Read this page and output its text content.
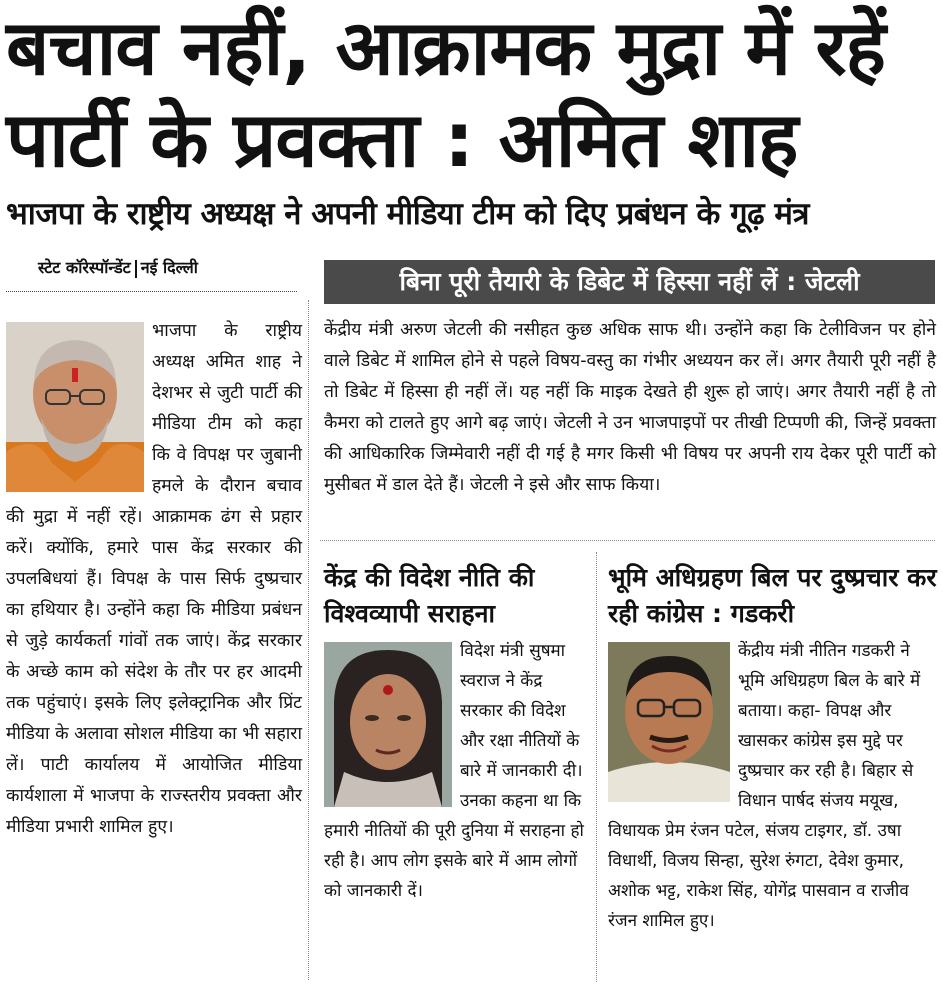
बचाव नहीं, आक्रामक मुद्रा में रहें पार्टी के प्रवक्ता : अमित शाह
भाजपा के राष्ट्रीय अध्यक्ष ने अपनी मीडिया टीम को दिए प्रबंधन के गूढ़ मंत्र
स्टेट कॉरेस्पॉन्डेंट नई दिल्ली
भाजपा के राष्ट्रीय अध्यक्ष अमित शाह ने देशभर से जुटी पार्टी की मीडिया टीम को कहा कि वे विपक्ष पर जुबानी हमले के दौरान बचाव की मुद्रा में नहीं रहें। आक्रामक ढंग से प्रहार करें। क्योंकि, हमारे पास केंद्र सरकार की उपलबिधयां हैं। विपक्ष के पास सिर्फ दुष्प्रचार का हथियार है। उन्होंने कहा कि मीडिया प्रबंधन से जुड़े कार्यकर्ता गांवों तक जाएं। केंद्र सरकार के अच्छे काम को संदेश के तौर पर हर आदमी तक पहुंचाएं। इसके लिए इलेक्ट्रानिक और प्रिंट मीडिया के अलावा सोशल मीडिया का भी सहारा लें। पाटी कार्यालय में आयोजित मीडिया कार्यशाला में भाजपा के राज्स्तरीय प्रवक्ता और मीडिया प्रभारी शामिल हुए।
बिना पूरी तैयारी के डिबेट में हिस्सा नहीं लें : जेटली

केंद्रीय मंत्री अरुण जेटली की नसीहत कुछ अधिक साफ थी। उन्होंने कहा कि टेलीविजन पर होने वाले डिबेट में शामिल होने से पहले विषय-वस्तु का गंभीर अध्ययन कर लें। अगर तैयारी पूरी नहीं है तो डिबेट में हिस्सा ही नहीं लें। यह नहीं कि माइक देखते ही शुरू हो जाएं। अगर तैयारी नहीं है तो कैमरा को टालते हुए आगे बढ़ जाएं। जेटली ने उन भाजपाइपों पर तीखी टिप्पणी की, जिन्हें प्रवक्ता की आधिकारिक जिम्मेवारी नहीं दी गई है मगर किसी भी विषय पर अपनी राय देकर पूरी पार्टी को मुसीबत में डाल देते हैं। जेटली ने इसे और साफ किया।

केंद्र की विदेश नीति की विश्वव्यापी सराहना
विदेश मंत्री सुषमा स्वराज ने केंद्र सरकार की विदेश और रक्षा नीतियों के बारे में जानकारी दी। उनका कहना था कि हमारी नीतियों की पूरी दुनिया में सराहना हो रही है। आप लोग इसके बारे में आम लोगों को जानकारी दें।
भूमि अधिग्रहण बिल पर दुष्प्रचार कर रही कांग्रेस : गडकरी
केंद्रीय मंत्री नीतिन गडकरी ने भूमि अधिग्रहण बिल के बारे में बताया। कहा- विपक्ष और खासकर कांग्रेस इस मुद्दे पर दुष्प्रचार कर रही है। बिहार से विधान पार्षद संजय मयूख, विधायक प्रेम रंजन पटेल, संजय टाइगर, डॉ. उषा विधार्थी, विजय सिन्हा, सुरेश रुंगटा, देवेश कुमार, अशोक भट्ट, राकेश सिंह, योगेंद्र पासवान व राजीव रंजन शामिल हुए।
